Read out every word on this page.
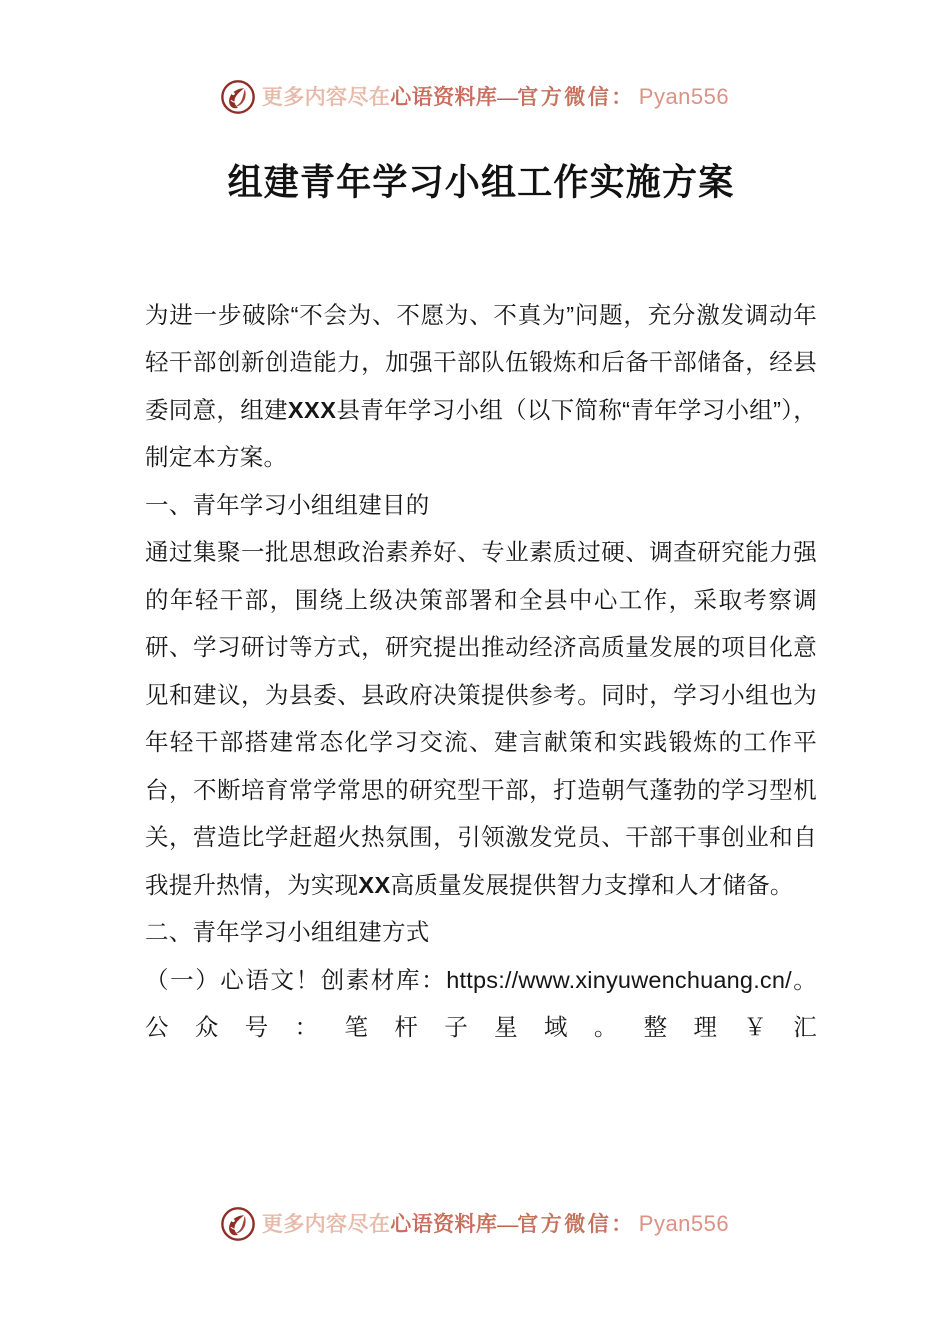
更多内容尽在心语资料库—官方微信： Pyan556
组建青年学习小组工作实施方案

为进一步破除“不会为、不愿为、不真为”问题，充分激发调动年轻干部创新创造能力，加强干部队伍锻炼和后备干部储备，经县委同意，组建XXX县青年学习小组（以下简称“青年学习小组”），制定本方案。

一、青年学习小组组建目的

通过集聚一批思想政治素养好、专业素质过硬、调查研究能力强的年轻干部，围绕上级决策部署和全县中心工作，采取考察调研、学习研讨等方式，研究提出推动经济高质量发展的项目化意见和建议，为县委、县政府决策提供参考。同时，学习小组也为年轻干部搭建常态化学习交流、建言献策和实践锻炼的工作平台，不断培育常学常思的研究型干部，打造朝气蓬勃的学习型机关，营造比学赶超火热氛围，引领激发党员、干部干事创业和自我提升热情，为实现XX高质量发展提供智力支撑和人才储备。

二、青年学习小组组建方式

（一）心语文！创素材库：https://www.xinyuwenchuang.cn/。公众号：笔杆子星域。整理￥汇

更多内容尽在心语资料库—官方微信： Pyan556
